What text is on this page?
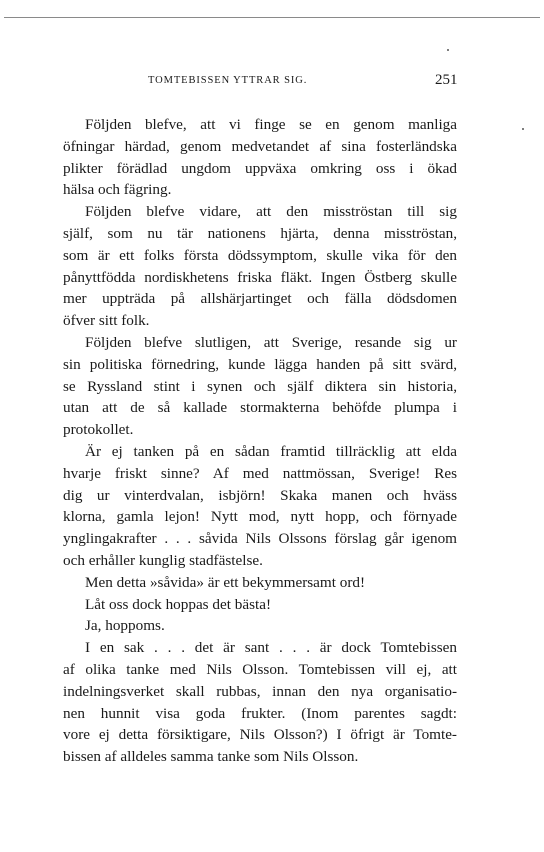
TOMTEBISSEN YTTRAR SIG.	251
Följden blefve, att vi finge se en genom manliga
öfningar härdad, genom medvetandet af sina fosterländska
plikter förädlad ungdom uppväxa omkring oss i ökad
hälsa och fägring.
Följden blefve vidare, att den misströstan till sig
själf, som nu tär nationens hjärta, denna misströstan,
som är ett folks första dödssymptom, skulle vika för den
pånyttfödda nordiskhetens friska fläkt. Ingen Östberg skulle
mer uppträda på allshärjartinget och fälla dödsdomen
öfver sitt folk.
Följden blefve slutligen, att Sverige, resande sig ur
sin politiska förnedring, kunde lägga handen på sitt svärd,
se Ryssland stint i synen och själf diktera sin historia,
utan att de så kallade stormakterna behöfde plumpa i
protokollet.
Är ej tanken på en sådan framtid tillräcklig att elda
hvarje friskt sinne? Af med nattmössan, Sverige! Res
dig ur vinterdvalan, isbjörn! Skaka manen och hväss
klorna, gamla lejon! Nytt mod, nytt hopp, och förnyade
ynglingakrafter . . . såvida Nils Olssons förslag går igenom
och erhåller kunglig stadfästelse.
Men detta »såvida» är ett bekymmersamt ord!
Låt oss dock hoppas det bästa!
Ja, hoppoms.
I en sak . . . det är sant . . . är dock Tomtebissen
af olika tanke med Nils Olsson. Tomtebissen vill ej, att
indelningsverket skall rubbas, innan den nya organisatio-
nen hunnit visa goda frukter. (Inom parentes sagdt:
vore ej detta försiktigare, Nils Olsson?) I öfrigt är Tomte-
bissen af alldeles samma tanke som Nils Olsson.
